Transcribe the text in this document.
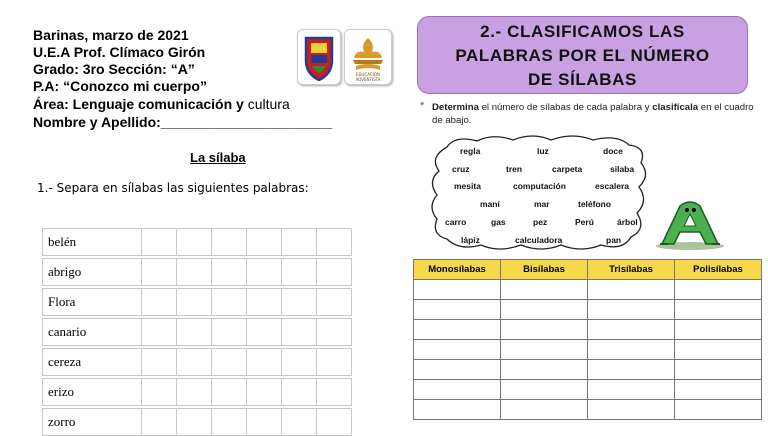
Barinas, marzo de 2021
U.E.A Prof. Clímaco Girón
Grado: 3ro Sección: “A”
P.A: “Conozco mi cuerpo”
Área: Lenguaje comunicación y cultura
Nombre y Apellido:______________________
EDUCACIÓN
ADVENTISTA
La sílaba
1.- Separa en sílabas las siguientes palabras:
belén						

abrigo						

Flora						

canario						

cereza						

erizo						

zorro						
2.- CLASIFICAMOS LAS
PALABRAS POR EL NÚMERO
DE SÍLABAS
* Determina el número de sílabas de cada palabra y clasifícala en el cuadro de abajo.
regla	luz	doce
cruz	tren	carpeta	silaba
mesita	computación	escalera
maní	mar	teléfono
carro	gas	pez	Perú	árbol
lápiz	calculadora	pan
Monosílabas	Bisílabas	Trisílabas	Polisílabas
